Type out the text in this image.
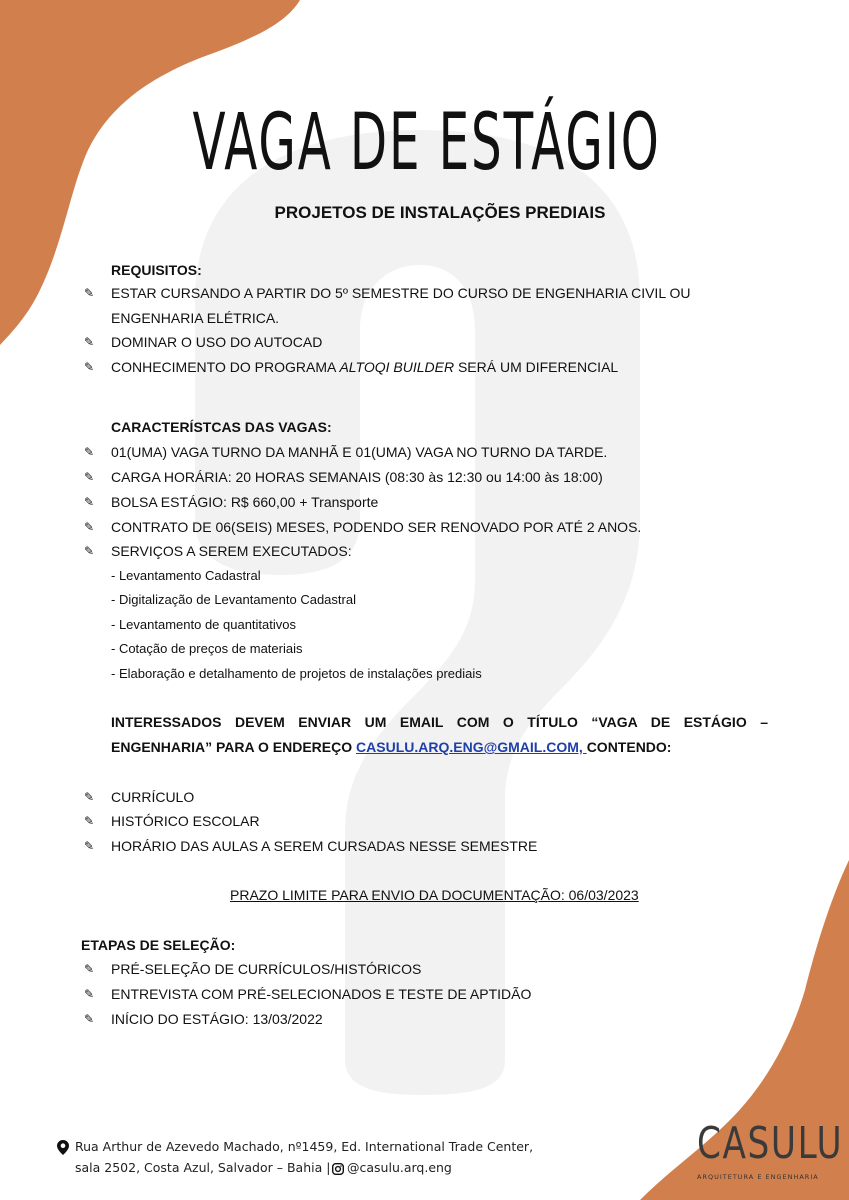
VAGA DE ESTÁGIO
PROJETOS DE INSTALAÇÕES PREDIAIS
REQUISITOS:
✎ ESTAR CURSANDO A PARTIR DO 5º SEMESTRE DO CURSO DE ENGENHARIA CIVIL OU
ENGENHARIA ELÉTRICA.
✎ DOMINAR O USO DO AUTOCAD
✎ CONHECIMENTO DO PROGRAMA ALTOQI BUILDER SERÁ UM DIFERENCIAL
CARACTERÍSTCAS DAS VAGAS:
✎ 01(UMA) VAGA TURNO DA MANHÃ E 01(UMA) VAGA NO TURNO DA TARDE.
✎ CARGA HORÁRIA: 20 HORAS SEMANAIS (08:30 às 12:30 ou 14:00 às 18:00)
✎ BOLSA ESTÁGIO: R$ 660,00 + Transporte
✎ CONTRATO DE 06(SEIS) MESES, PODENDO SER RENOVADO POR ATÉ 2 ANOS.
✎ SERVIÇOS A SEREM EXECUTADOS:
- Levantamento Cadastral
- Digitalização de Levantamento Cadastral
- Levantamento de quantitativos
- Cotação de preços de materiais
- Elaboração e detalhamento de projetos de instalações prediais
INTERESSADOS DEVEM ENVIAR UM EMAIL COM O TÍTULO “VAGA DE ESTÁGIO –
ENGENHARIA” PARA O ENDEREÇO CASULU.ARQ.ENG@GMAIL.COM, CONTENDO:
✎ CURRÍCULO
✎ HISTÓRICO ESCOLAR
✎ HORÁRIO DAS AULAS A SEREM CURSADAS NESSE SEMESTRE
PRAZO LIMITE PARA ENVIO DA DOCUMENTAÇÃO: 06/03/2023
ETAPAS DE SELEÇÃO:
✎ PRÉ-SELEÇÃO DE CURRÍCULOS/HISTÓRICOS
✎ ENTREVISTA COM PRÉ-SELECIONADOS E TESTE DE APTIDÃO
✎ INÍCIO DO ESTÁGIO: 13/03/2022
Rua Arthur de Azevedo Machado, nº1459, Ed. International Trade Center,
sala 2502, Costa Azul, Salvador – Bahia | @casulu.arq.eng	CASULU
ARQUITETURA E ENGENHARIA
